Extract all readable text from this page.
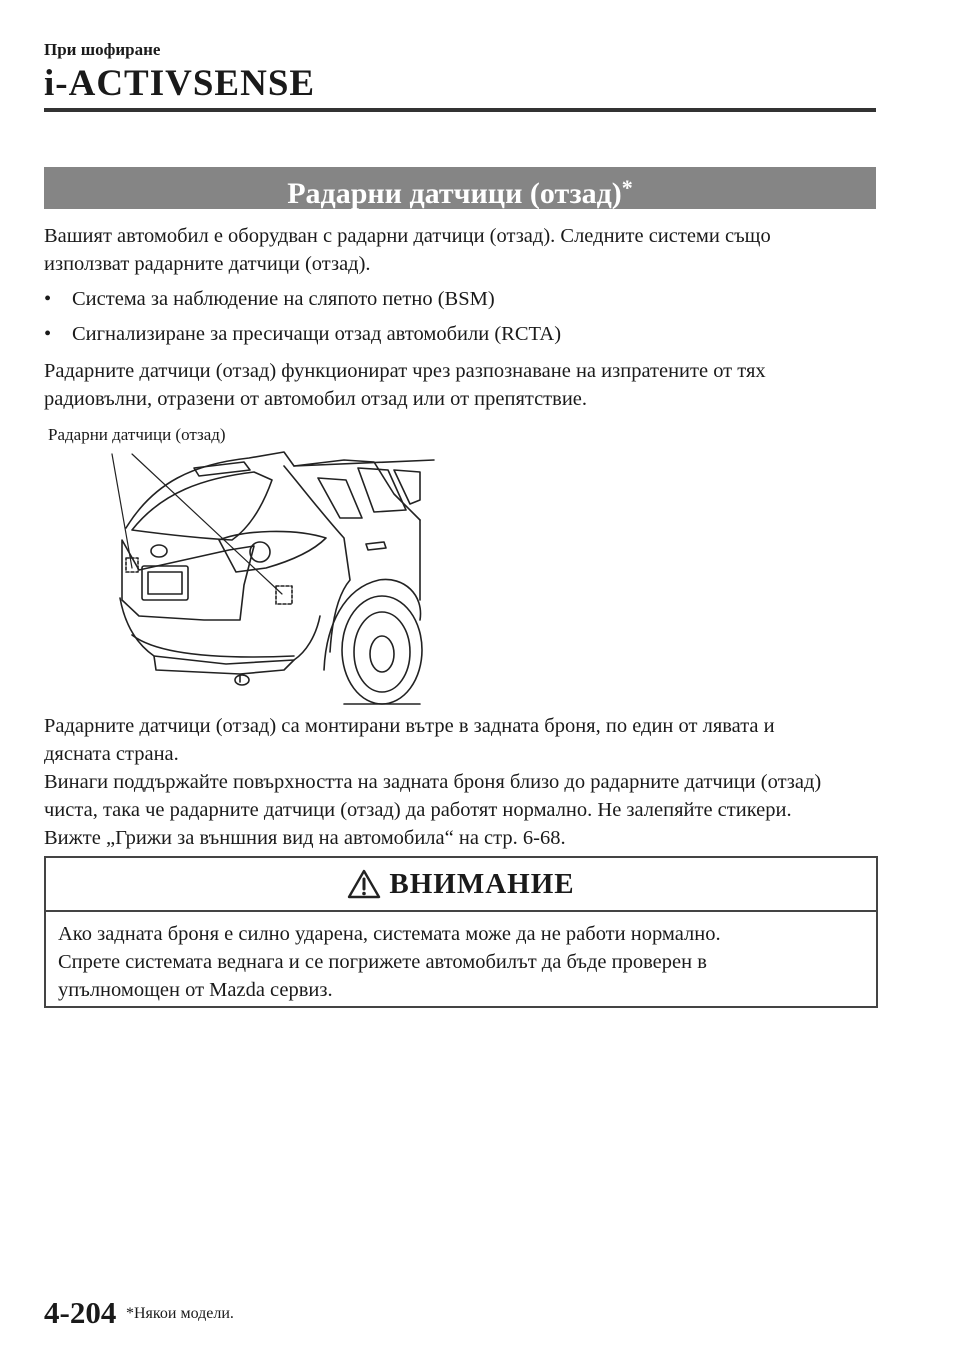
При шофиране
i-ACTIVSENSE
Радарни датчици (отзад)*
Вашият автомобил е оборудван с радарни датчици (отзад). Следните системи също
използват радарните датчици (отзад).
• Система за наблюдение на сляпото петно (BSM)
• Сигнализиране за пресичащи отзад автомобили (RCTA)
Радарните датчици (отзад) функционират чрез разпознаване на изпратените от тях
радиовълни, отразени от автомобил отзад или от препятствие.
Радарни датчици (отзад)
Радарните датчици (отзад) са монтирани вътре в задната броня, по един от лявата и
дясната страна.
Винаги поддържайте повърхността на задната броня близо до радарните датчици (отзад)
чиста, така че радарните датчици (отзад) да работят нормално. Не залепяйте стикери.
Вижте „Грижи за външния вид на автомобила“ на стр. 6-68.
ВНИМАНИЕ
Ако задната броня е силно ударена, системата може да не работи нормално.
Спрете системата веднага и се погрижете автомобилът да бъде проверен в
упълномощен от Mazda сервиз.
4-204 *Някои модели.
